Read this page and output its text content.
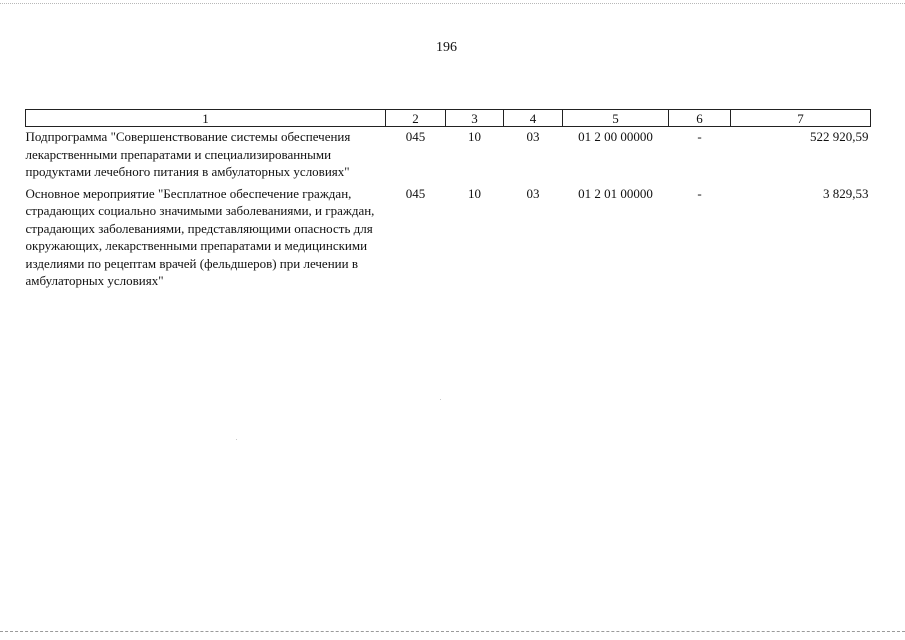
196
1	2	3	4	5	6	7
Подпрограмма "Совершенствование системы обеспечения лекарственными препаратами и специализированными продуктами лечебного питания в амбулаторных условиях"	045	10	03	01 2 00 00000	-	522 920,59
Основное мероприятие "Бесплатное обеспечение граждан, страдающих социально значимыми заболеваниями, и граждан, страдающих заболеваниями, представляющими опасность для окружающих, лекарственными препаратами и медицинскими изделиями по рецептам врачей (фельдшеров) при лечении в амбулаторных условиях"	045	10	03	01 2 01 00000	-	3 829,53
